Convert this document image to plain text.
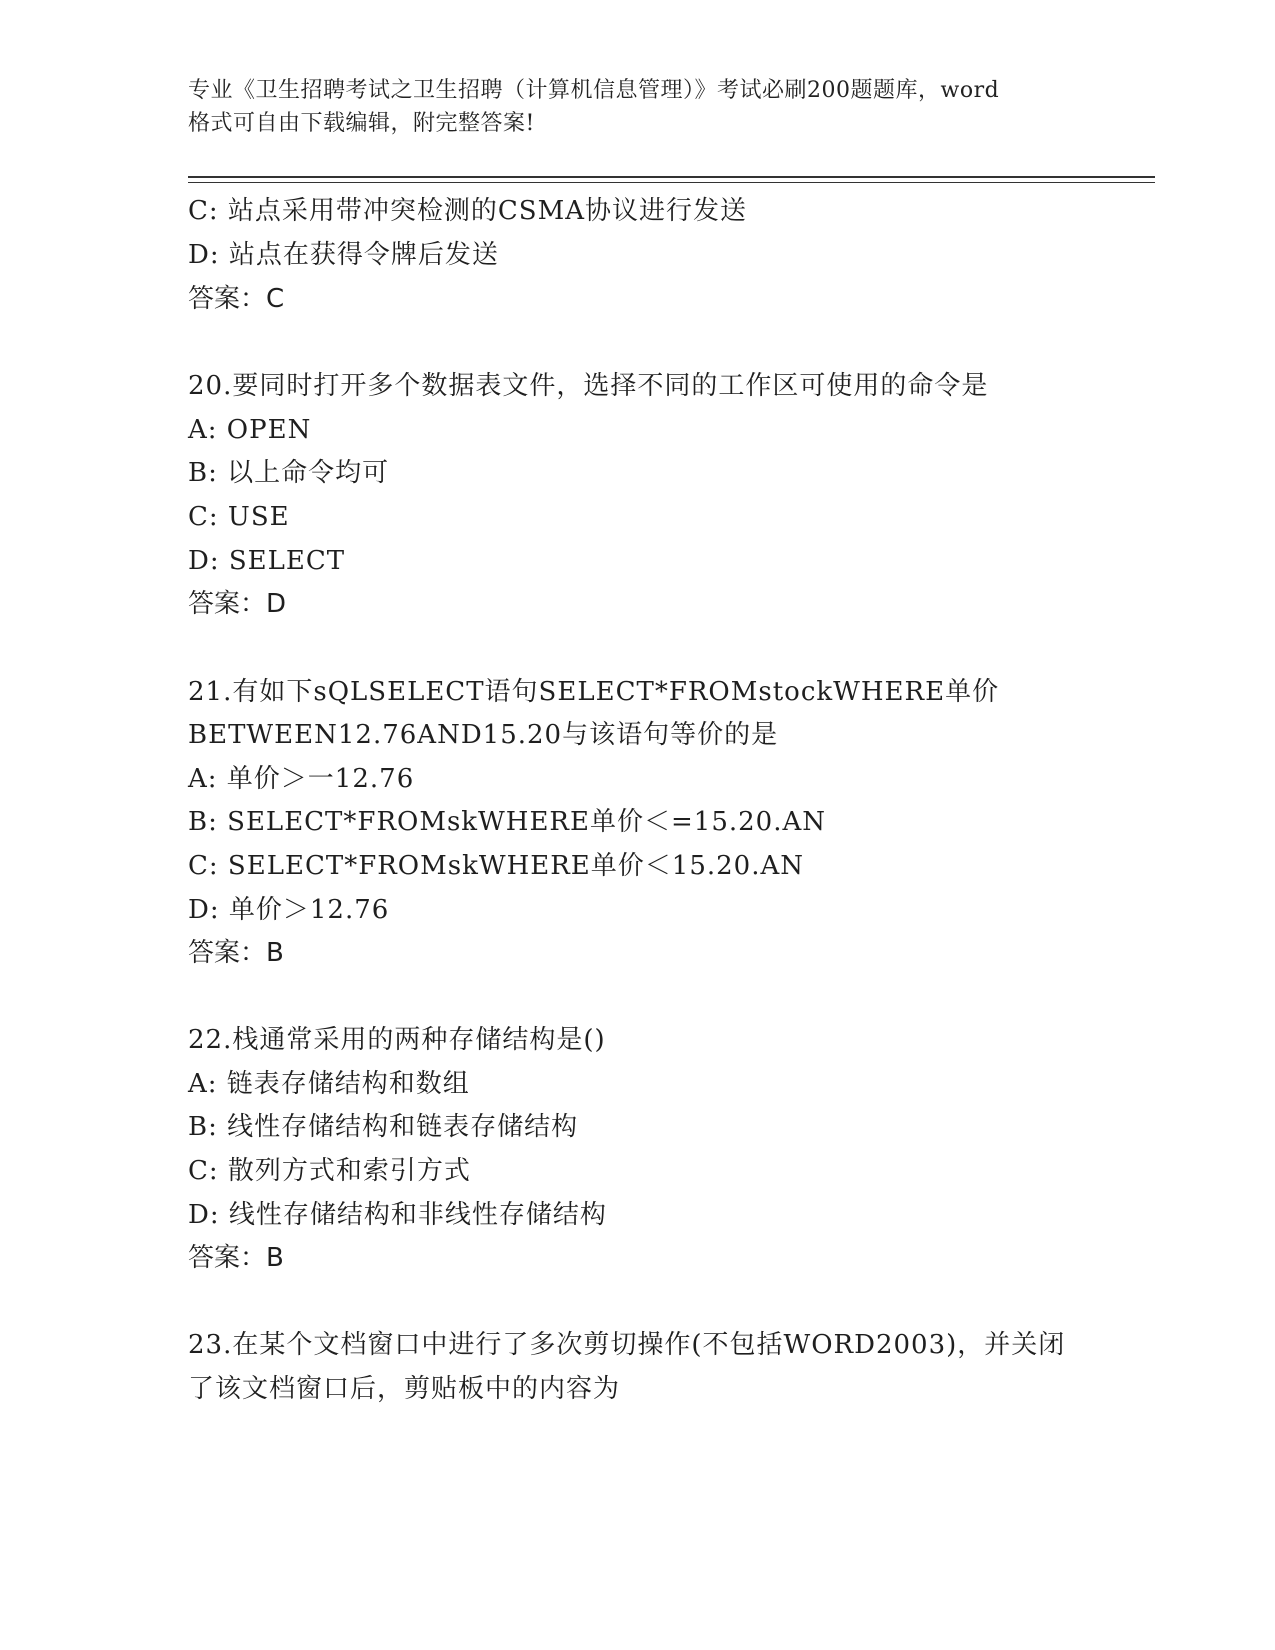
专业《卫生招聘考试之卫生招聘（计算机信息管理）》考试必刷200题题库，word
格式可自由下载编辑，附完整答案!
C: 站点采用带冲突检测的CSMA协议进行发送
D: 站点在获得令牌后发送
答案：C
20.要同时打开多个数据表文件，选择不同的工作区可使用的命令是
A: OPEN
B: 以上命令均可
C: USE
D: SELECT
答案：D
21.有如下sQLSELECT语句SELECT*FROMstockWHERE单价
BETWEEN12.76AND15.20与该语句等价的是
A: 单价＞一12.76
B: SELECT*FROMskWHERE单价＜=15.20.AN
C: SELECT*FROMskWHERE单价＜15.20.AN
D: 单价＞12.76
答案：B
22.栈通常采用的两种存储结构是()
A: 链表存储结构和数组
B: 线性存储结构和链表存储结构
C: 散列方式和索引方式
D: 线性存储结构和非线性存储结构
答案：B
23.在某个文档窗口中进行了多次剪切操作(不包括WORD2003)，并关闭
了该文档窗口后，剪贴板中的内容为
